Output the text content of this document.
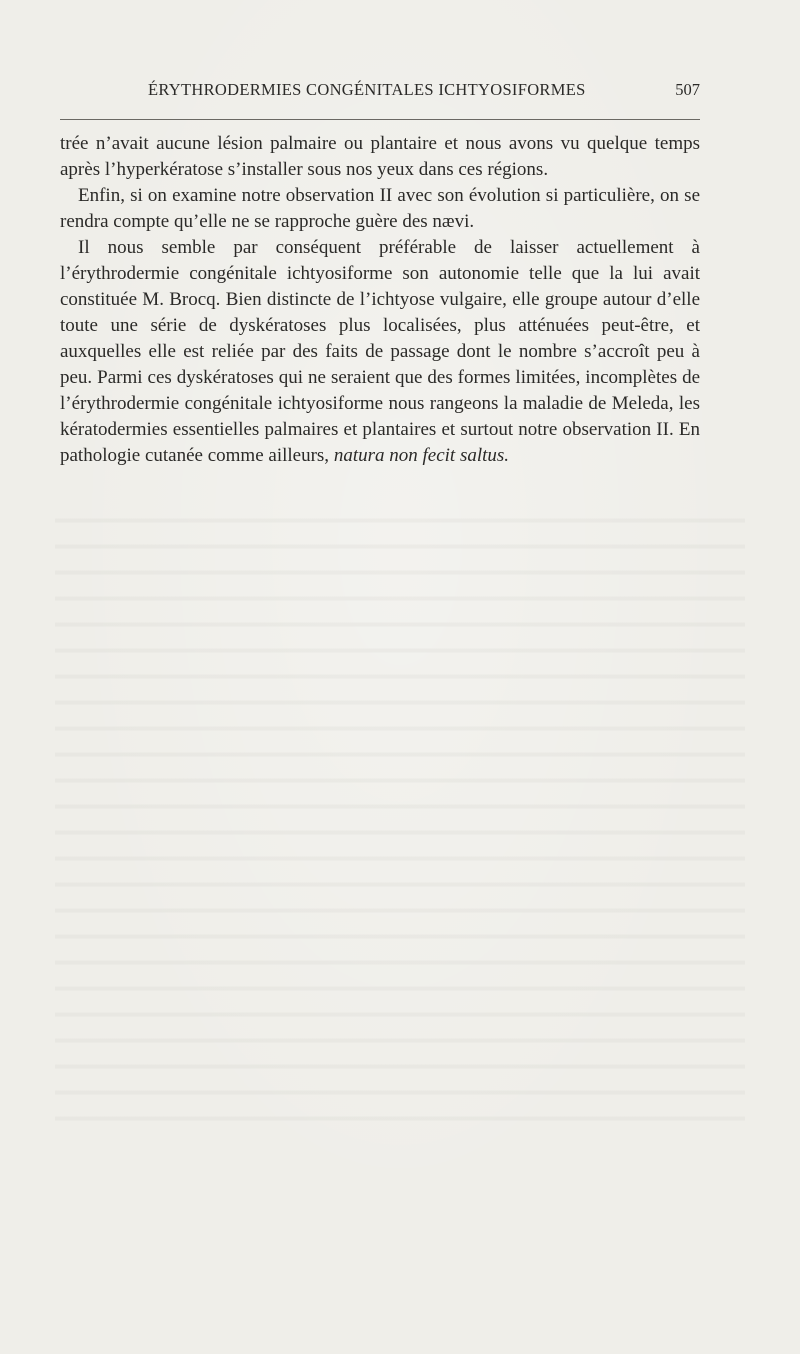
ÉRYTHRODERMIES CONGÉNITALES ICHTYOSIFORMES	507

trée n’avait aucune lésion palmaire ou plantaire et nous avons vu quelque temps après l’hyperkératose s’installer sous nos yeux dans ces régions.

Enfin, si on examine notre observation II avec son évolution si particulière, on se rendra compte qu’elle ne se rapproche guère des nævi.

Il nous semble par conséquent préférable de laisser actuellement à l’érythrodermie congénitale ichtyosiforme son autonomie telle que la lui avait constituée M. Brocq. Bien distincte de l’ichtyose vulgaire, elle groupe autour d’elle toute une série de dyskératoses plus localisées, plus atténuées peut-être, et auxquelles elle est reliée par des faits de passage dont le nombre s’accroît peu à peu. Parmi ces dyskératoses qui ne seraient que des formes limitées, incomplètes de l’érythrodermie congénitale ichtyosiforme nous rangeons la maladie de Meleda, les kératodermies essentielles palmaires et plantaires et surtout notre observation II. En pathologie cutanée comme ailleurs, natura non fecit saltus.
